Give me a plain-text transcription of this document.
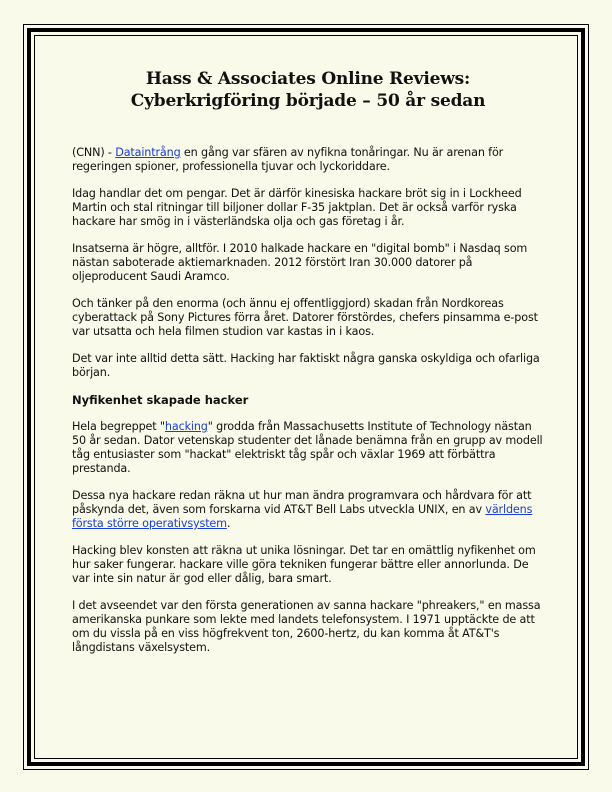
Hass & Associates Online Reviews:
Cyberkrigföring började – 50 år sedan

(CNN) - Dataintrång en gång var sfären av nyfikna tonåringar. Nu är arenan för regeringen spioner, professionella tjuvar och lyckoriddare.

Idag handlar det om pengar. Det är därför kinesiska hackare bröt sig in i Lockheed Martin och stal ritningar till biljoner dollar F-35 jaktplan. Det är också varför ryska hackare har smög in i västerländska olja och gas företag i år.

Insatserna är högre, alltför. I 2010 halkade hackare en "digital bomb" i Nasdaq som nästan saboterade aktiemarknaden. 2012 förstört Iran 30.000 datorer på oljeproducent Saudi Aramco.

Och tänker på den enorma (och ännu ej offentliggjord) skadan från Nordkoreas cyberattack på Sony Pictures förra året. Datorer förstördes, chefers pinsamma e-post var utsatta och hela filmen studion var kastas in i kaos.

Det var inte alltid detta sätt. Hacking har faktiskt några ganska oskyldiga och ofarliga början.

Nyfikenhet skapade hacker

Hela begreppet "hacking" grodda från Massachusetts Institute of Technology nästan 50 år sedan. Dator vetenskap studenter det lånade benämna från en grupp av modell tåg entusiaster som "hackat" elektriskt tåg spår och växlar 1969 att förbättra prestanda.

Dessa nya hackare redan räkna ut hur man ändra programvara och hårdvara för att påskynda det, även som forskarna vid AT&T Bell Labs utveckla UNIX, en av världens första större operativsystem.

Hacking blev konsten att räkna ut unika lösningar. Det tar en omättlig nyfikenhet om hur saker fungerar. hackare ville göra tekniken fungerar bättre eller annorlunda. De var inte sin natur är god eller dålig, bara smart.

I det avseendet var den första generationen av sanna hackare "phreakers," en massa amerikanska punkare som lekte med landets telefonsystem. I 1971 upptäckte de att om du vissla på en viss högfrekvent ton, 2600-hertz, du kan komma åt AT&T's långdistans växelsystem.
